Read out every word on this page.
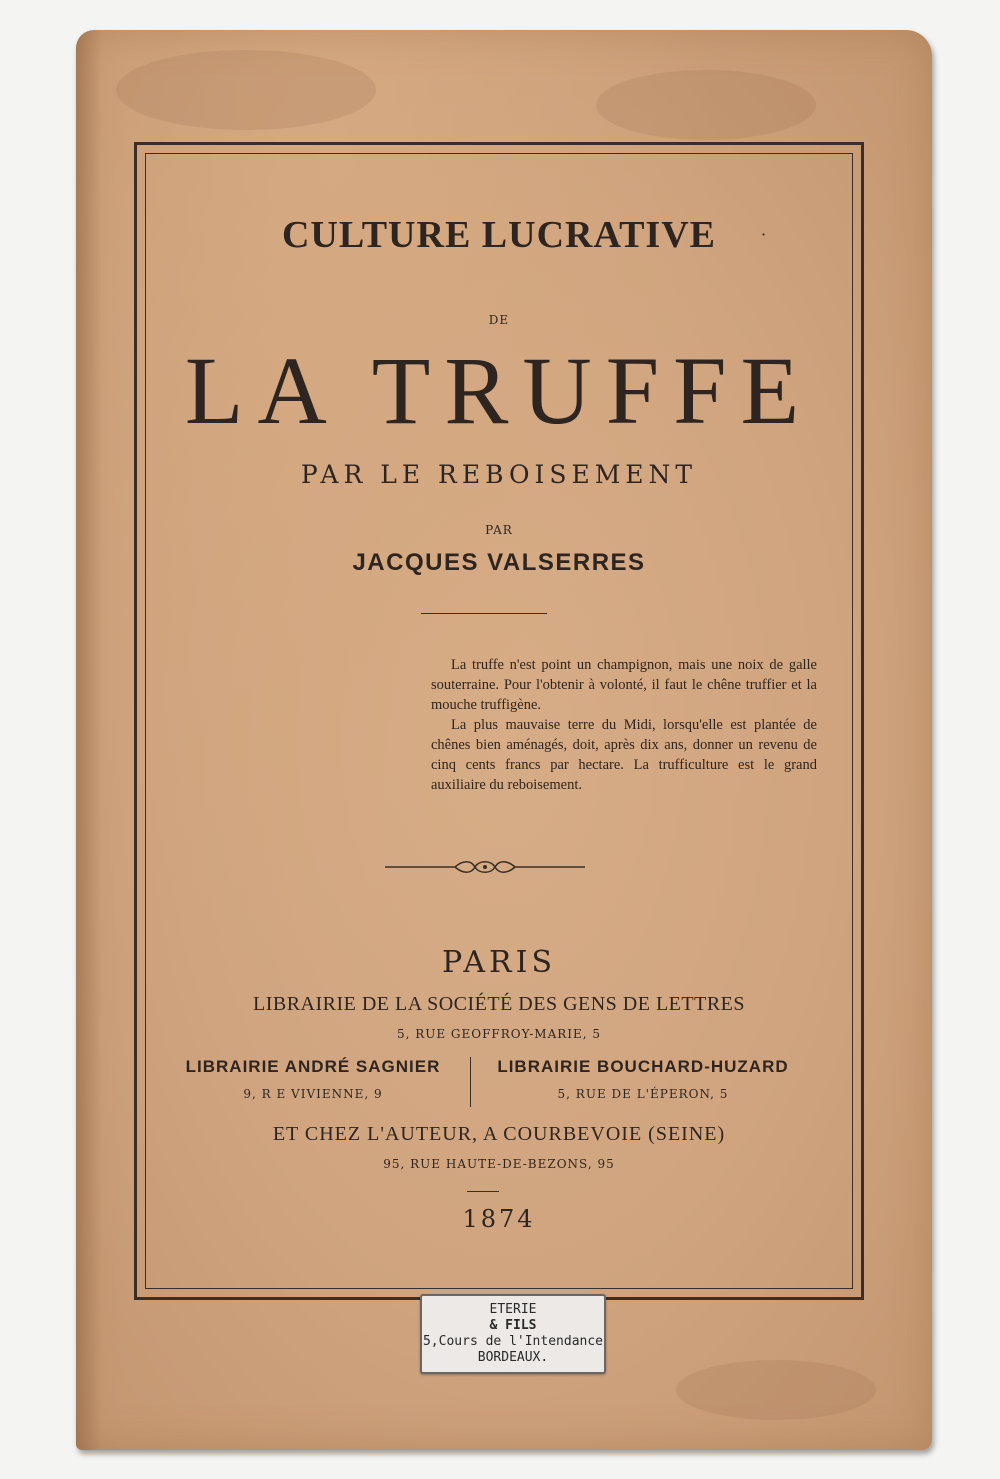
CULTURE LUCRATIVE	·
DE
LA TRUFFE
PAR LE REBOISEMENT
PAR
JACQUES VALSERRES

La truffe n'est point un champignon, mais une noix de galle souterraine. Pour l'obtenir à volonté, il faut le chêne truffier et la mouche truffigène.

La plus mauvaise terre du Midi, lorsqu'elle est plantée de chênes bien aménagés, doit, après dix ans, donner un revenu de cinq cents francs par hectare. La trufficulture est le grand auxiliaire du reboisement.

PARIS
LIBRAIRIE DE LA SOCIÉTÉ DES GENS DE LETTRES
5, RUE GEOFFROY-MARIE, 5
LIBRAIRIE ANDRÉ SAGNIER
9, R E VIVIENNE, 9
LIBRAIRIE BOUCHARD-HUZARD
5, RUE DE L'ÉPERON, 5
ET CHEZ L'AUTEUR, A COURBEVOIE (SEINE)
95, RUE HAUTE-DE-BEZONS, 95
1874
ETERIE
& FILS
5,Cours de l'Intendance
BORDEAUX.
